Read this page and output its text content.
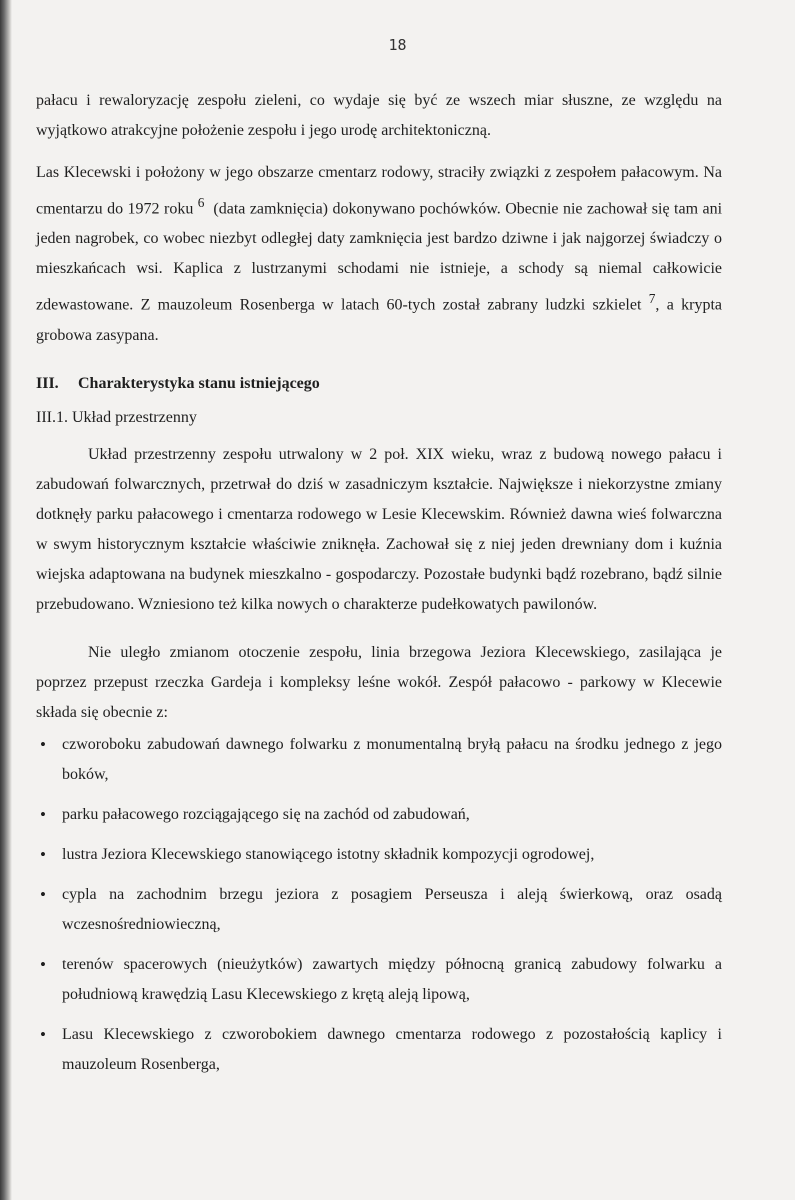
18

pałacu i rewaloryzację zespołu zieleni, co wydaje się być ze wszech miar słuszne, ze względu na wyjątkowo atrakcyjne położenie zespołu i jego urodę architektoniczną.

Las Klecewski i położony w jego obszarze cmentarz rodowy, straciły związki z zespołem pałacowym. Na cmentarzu do 1972 roku $^6$ (data zamknięcia) dokonywano pochówków. Obecnie nie zachował się tam ani jeden nagrobek, co wobec niezbyt odległej daty zamknięcia jest bardzo dziwne i jak najgorzej świadczy o mieszkańcach wsi. Kaplica z lustrzanymi schodami nie istnieje, a schody są niemal całkowicie zdewastowane. Z mauzoleum Rosenberga w latach 60-tych został zabrany ludzki szkielet $^7$, a krypta grobowa zasypana.

III. Charakterystyka stanu istniejącego
III.1. Układ przestrzenny

Układ przestrzenny zespołu utrwalony w 2 poł. XIX wieku, wraz z budową nowego pałacu i zabudowań folwarcznych, przetrwał do dziś w zasadniczym kształcie. Największe i niekorzystne zmiany dotknęły parku pałacowego i cmentarza rodowego w Lesie Klecewskim. Również dawna wieś folwarczna w swym historycznym kształcie właściwie zniknęła. Zachował się z niej jeden drewniany dom i kuźnia wiejska adaptowana na budynek mieszkalno - gospodarczy. Pozostałe budynki bądź rozebrano, bądź silnie przebudowano. Wzniesiono też kilka nowych o charakterze pudełkowatych pawilonów.

Nie uległo zmianom otoczenie zespołu, linia brzegowa Jeziora Klecewskiego, zasilająca je poprzez przepust rzeczka Gardeja i kompleksy leśne wokół. Zespół pałacowo - parkowy w Klecewie składa się obecnie z:

• czworoboku zabudowań dawnego folwarku z monumentalną bryłą pałacu na środku jednego z jego boków,
• parku pałacowego rozciągającego się na zachód od zabudowań,
• lustra Jeziora Klecewskiego stanowiącego istotny składnik kompozycji ogrodowej,
• cypla na zachodnim brzegu jeziora z posagiem Perseusza i aleją świerkową, oraz osadą wczesnośredniowieczną,
• terenów spacerowych (nieużytków) zawartych między północną granicą zabudowy folwarku a południową krawędzią Lasu Klecewskiego z krętą aleją lipową,
• Lasu Klecewskiego z czworobokiem dawnego cmentarza rodowego z pozostałością kaplicy i mauzoleum Rosenberga,
